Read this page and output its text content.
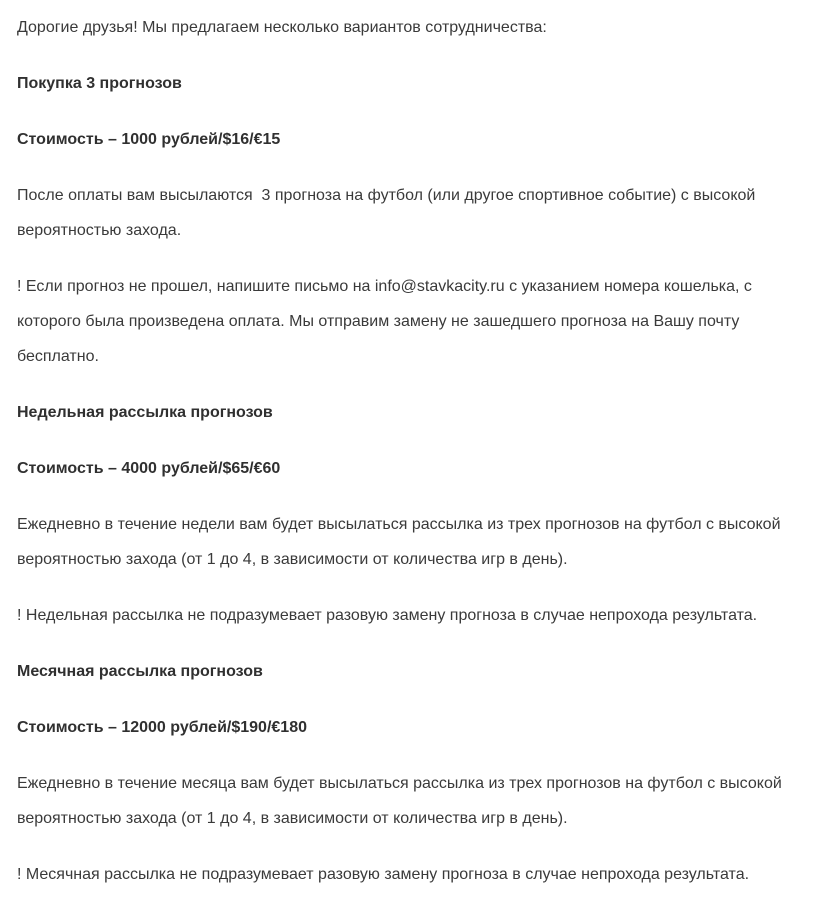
Дорогие друзья! Мы предлагаем несколько вариантов сотрудничества:

Покупка 3 прогнозов

Стоимость – 1000 рублей/$16/€15

После оплаты вам высылаются  3 прогноза на футбол (или другое спортивное событие) с высокой вероятностью захода.

! Если прогноз не прошел, напишите письмо на info@stavkacity.ru с указанием номера кошелька, с которого была произведена оплата. Мы отправим замену не зашедшего прогноза на Вашу почту бесплатно.

Недельная рассылка прогнозов

Стоимость – 4000 рублей/$65/€60

Ежедневно в течение недели вам будет высылаться рассылка из трех прогнозов на футбол с высокой вероятностью захода (от 1 до 4, в зависимости от количества игр в день).

! Недельная рассылка не подразумевает разовую замену прогноза в случае непрохода результата.

Месячная рассылка прогнозов

Стоимость – 12000 рублей/$190/€180

Ежедневно в течение месяца вам будет высылаться рассылка из трех прогнозов на футбол с высокой вероятностью захода (от 1 до 4, в зависимости от количества игр в день).

! Месячная рассылка не подразумевает разовую замену прогноза в случае непрохода результата.
